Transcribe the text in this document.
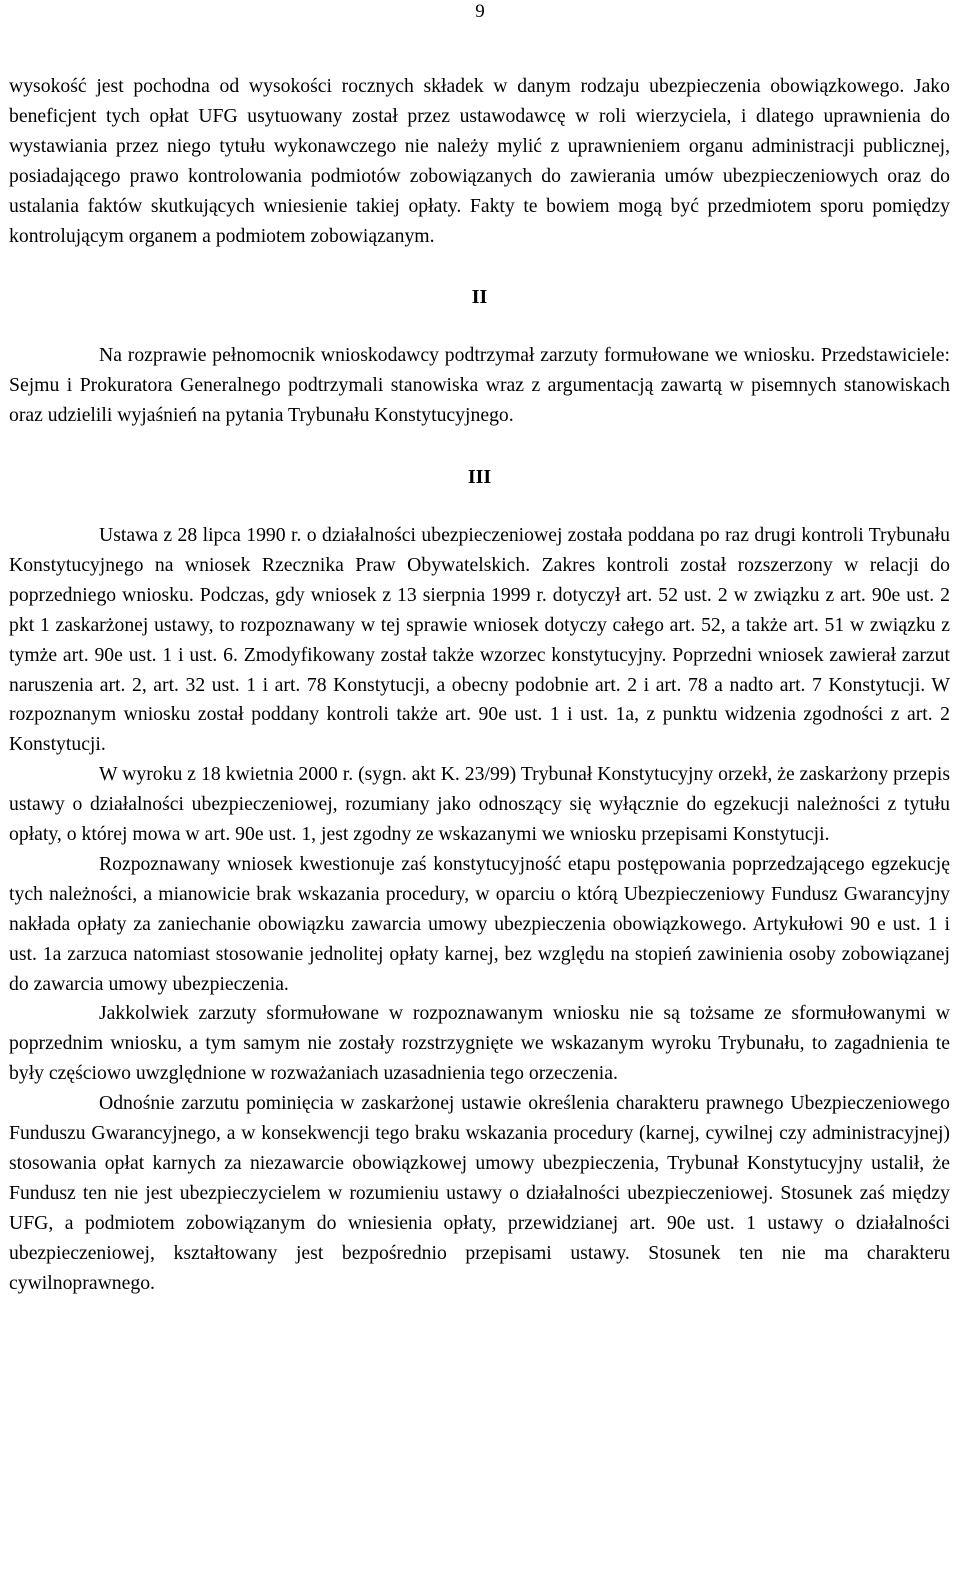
9

wysokość jest pochodna od wysokości rocznych składek w danym rodzaju ubezpieczenia obowiązkowego. Jako beneficjent tych opłat UFG usytuowany został przez ustawodawcę w roli wierzyciela, i dlatego uprawnienia do wystawiania przez niego tytułu wykonawczego nie należy mylić z uprawnieniem organu administracji publicznej, posiadającego prawo kontrolowania podmiotów zobowiązanych do zawierania umów ubezpieczeniowych oraz do ustalania faktów skutkujących wniesienie takiej opłaty. Fakty te bowiem mogą być przedmiotem sporu pomiędzy kontrolującym organem a podmiotem zobowiązanym.

II

Na rozprawie pełnomocnik wnioskodawcy podtrzymał zarzuty formułowane we wniosku. Przedstawiciele: Sejmu i Prokuratora Generalnego podtrzymali stanowiska wraz z argumentacją zawartą w pisemnych stanowiskach oraz udzielili wyjaśnień na pytania Trybunału Konstytucyjnego.

III

Ustawa z 28 lipca 1990 r. o działalności ubezpieczeniowej została poddana po raz drugi kontroli Trybunału Konstytucyjnego na wniosek Rzecznika Praw Obywatelskich. Zakres kontroli został rozszerzony w relacji do poprzedniego wniosku. Podczas, gdy wniosek z 13 sierpnia 1999 r. dotyczył art. 52 ust. 2 w związku z art. 90e ust. 2 pkt 1 zaskarżonej ustawy, to rozpoznawany w tej sprawie wniosek dotyczy całego art. 52, a także art. 51 w związku z tymże art. 90e ust. 1 i ust. 6. Zmodyfikowany został także wzorzec konstytucyjny. Poprzedni wniosek zawierał zarzut naruszenia art. 2, art. 32 ust. 1 i art. 78 Konstytucji, a obecny podobnie art. 2 i art. 78 a nadto art. 7 Konstytucji. W rozpoznanym wniosku został poddany kontroli także art. 90e ust. 1 i ust. 1a, z punktu widzenia zgodności z art. 2 Konstytucji.

W wyroku z 18 kwietnia 2000 r. (sygn. akt K. 23/99) Trybunał Konstytucyjny orzekł, że zaskarżony przepis ustawy o działalności ubezpieczeniowej, rozumiany jako odnoszący się wyłącznie do egzekucji należności z tytułu opłaty, o której mowa w art. 90e ust. 1, jest zgodny ze wskazanymi we wniosku przepisami Konstytucji.

Rozpoznawany wniosek kwestionuje zaś konstytucyjność etapu postępowania poprzedzającego egzekucję tych należności, a mianowicie brak wskazania procedury, w oparciu o którą Ubezpieczeniowy Fundusz Gwarancyjny nakłada opłaty za zaniechanie obowiązku zawarcia umowy ubezpieczenia obowiązkowego. Artykułowi 90 e ust. 1 i ust. 1a zarzuca natomiast stosowanie jednolitej opłaty karnej, bez względu na stopień zawinienia osoby zobowiązanej do zawarcia umowy ubezpieczenia.

Jakkolwiek zarzuty sformułowane w rozpoznawanym wniosku nie są tożsame ze sformułowanymi w poprzednim wniosku, a tym samym nie zostały rozstrzygnięte we wskazanym wyroku Trybunału, to zagadnienia te były częściowo uwzględnione w rozważaniach uzasadnienia tego orzeczenia.

Odnośnie zarzutu pominięcia w zaskarżonej ustawie określenia charakteru prawnego Ubezpieczeniowego Funduszu Gwarancyjnego, a w konsekwencji tego braku wskazania procedury (karnej, cywilnej czy administracyjnej) stosowania opłat karnych za niezawarcie obowiązkowej umowy ubezpieczenia, Trybunał Konstytucyjny ustalił, że Fundusz ten nie jest ubezpieczycielem w rozumieniu ustawy o działalności ubezpieczeniowej. Stosunek zaś między UFG, a podmiotem zobowiązanym do wniesienia opłaty, przewidzianej art. 90e ust. 1 ustawy o działalności ubezpieczeniowej, kształtowany jest bezpośrednio przepisami ustawy. Stosunek ten nie ma charakteru cywilnoprawnego.
